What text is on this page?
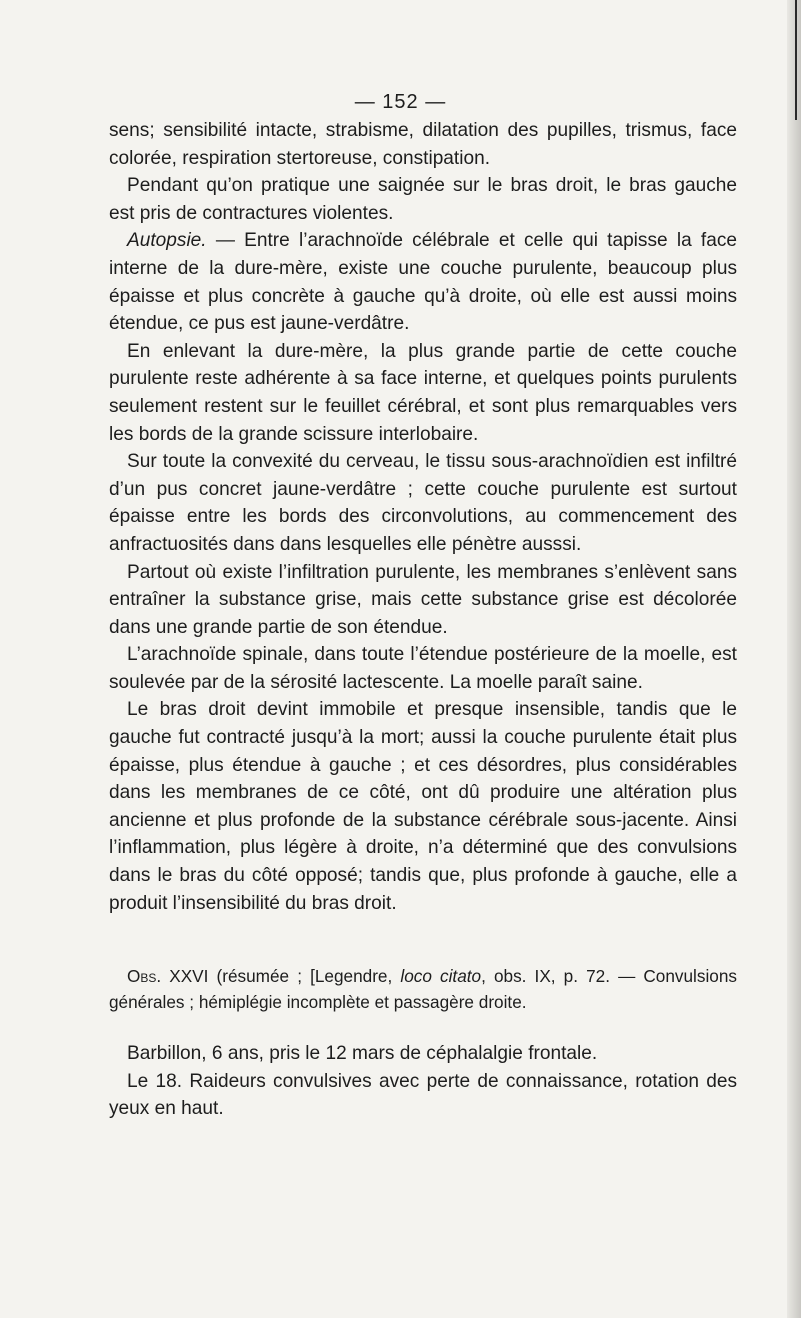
— 152 —

sens; sensibilité intacte, strabisme, dilatation des pupilles, trismus, face colorée, respiration stertoreuse, constipation.

Pendant qu’on pratique une saignée sur le bras droit, le bras gauche est pris de contractures violentes.

Autopsie. — Entre l’arachnoïde célébrale et celle qui tapisse la face interne de la dure-mère, existe une couche purulente, beaucoup plus épaisse et plus concrète à gauche qu’à droite, où elle est aussi moins étendue, ce pus est jaune-verdâtre.

En enlevant la dure-mère, la plus grande partie de cette couche purulente reste adhérente à sa face interne, et quelques points purulents seulement restent sur le feuillet cérébral, et sont plus remarquables vers les bords de la grande scissure interlobaire.

Sur toute la convexité du cerveau, le tissu sous-arachnoïdien est infiltré d’un pus concret jaune-verdâtre ; cette couche purulente est surtout épaisse entre les bords des circonvolutions, au commencement des anfractuosités dans dans lesquelles elle pénètre ausssi.

Partout où existe l’infiltration purulente, les membranes s’enlèvent sans entraîner la substance grise, mais cette substance grise est décolorée dans une grande partie de son étendue.

L’arachnoïde spinale, dans toute l’étendue postérieure de la moelle, est soulevée par de la sérosité lactescente. La moelle paraît saine.

Le bras droit devint immobile et presque insensible, tandis que le gauche fut contracté jusqu’à la mort; aussi la couche purulente était plus épaisse, plus étendue à gauche ; et ces désordres, plus considérables dans les membranes de ce côté, ont dû produire une altération plus ancienne et plus profonde de la substance cérébrale sous-jacente. Ainsi l’inflammation, plus légère à droite, n’a déterminé que des convulsions dans le bras du côté opposé; tandis que, plus profonde à gauche, elle a produit l’insensibilité du bras droit.

Obs. XXVI (résumée ; [Legendre, loco citato, obs. IX, p. 72. — Convulsions générales ; hémiplégie incomplète et passagère droite.

Barbillon, 6 ans, pris le 12 mars de céphalalgie frontale.

Le 18. Raideurs convulsives avec perte de connaissance, rotation des yeux en haut.
